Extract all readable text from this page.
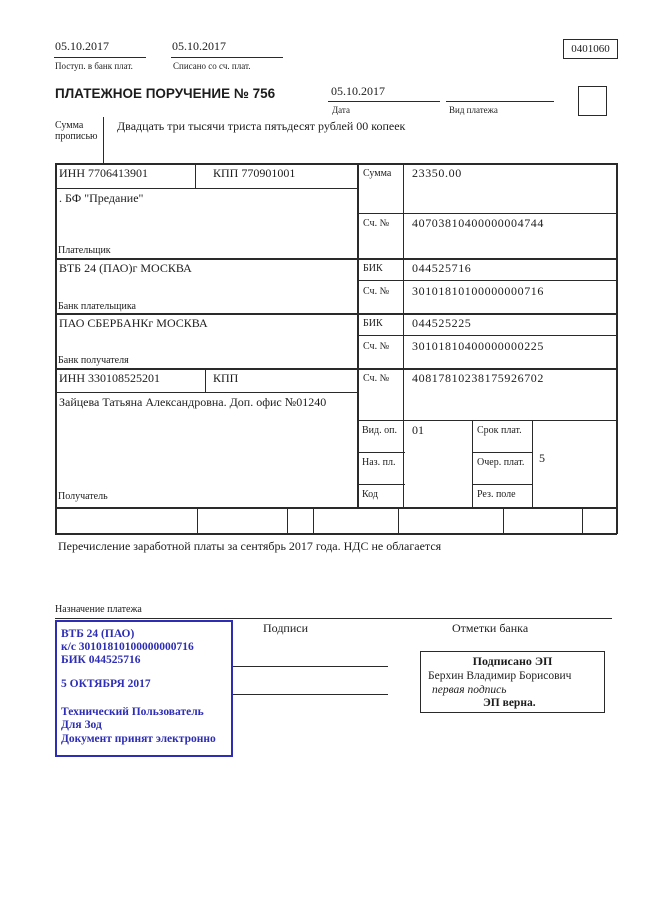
05.10.2017
Поступ. в банк плат.
05.10.2017
Списано со сч. плат.
0401060
ПЛАТЕЖНОЕ ПОРУЧЕНИЕ № 756	05.10.2017
Дата	Вид платежа
Сумма прописью
Двадцать три тысячи триста пятьдесят рублей 00 копеек
ИНН 7706413901	КПП 770901001	Сумма 23350.00
. БФ "Предание"
Сч. № 40703810400000004744
Плательщик
ВТБ 24 (ПАО)г МОСКВА	БИК 044525716
Сч. № 30101810100000000716
Банк плательщика
ПАО СБЕРБАНКг МОСКВА	БИК 044525225
Сч. № 30101810400000000225
Банк получателя
ИНН 330108525201	КПП	Сч. № 40817810238175926702
Зайцева Татьяна Александровна. Доп. офис №01240
Получатель
Вид. оп. 01	Срок плат.
Наз. пл.	Очер. плат. 5
Код	Рез. поле
Перечисление заработной платы за сентябрь 2017 года. НДС не облагается
Назначение платежа
Подписи	Отметки банка
Подписано ЭП
Берхин Владимир Борисович
первая подпись
ЭП верна.
ВТБ 24 (ПАО)
к/с 30101810100000000716
БИК 044525716
5 ОКТЯБРЯ 2017
Технический Пользователь Для Зод
Документ принят электронно
